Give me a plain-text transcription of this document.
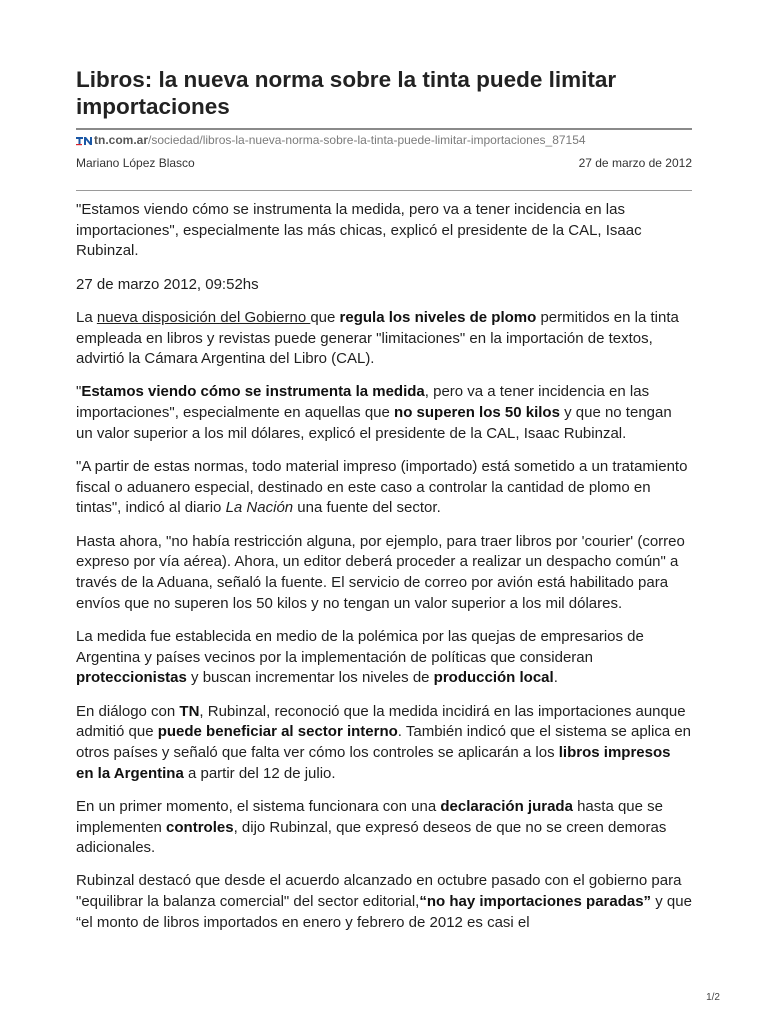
Libros: la nueva norma sobre la tinta puede limitar importaciones
tn.com.ar/sociedad/libros-la-nueva-norma-sobre-la-tinta-puede-limitar-importaciones_87154
Mariano López Blasco	27 de marzo de 2012

"Estamos viendo cómo se instrumenta la medida, pero va a tener incidencia en las importaciones", especialmente las más chicas, explicó el presidente de la CAL, Isaac Rubinzal.

27 de marzo 2012, 09:52hs

La nueva disposición del Gobierno que regula los niveles de plomo permitidos en la tinta empleada en libros y revistas puede generar "limitaciones" en la importación de textos, advirtió la Cámara Argentina del Libro (CAL).

"Estamos viendo cómo se instrumenta la medida, pero va a tener incidencia en las importaciones", especialmente en aquellas que no superen los 50 kilos y que no tengan un valor superior a los mil dólares, explicó el presidente de la CAL, Isaac Rubinzal.

"A partir de estas normas, todo material impreso (importado) está sometido a un tratamiento fiscal o aduanero especial, destinado en este caso a controlar la cantidad de plomo en tintas", indicó al diario La Nación una fuente del sector.

Hasta ahora, "no había restricción alguna, por ejemplo, para traer libros por 'courier' (correo expreso por vía aérea). Ahora, un editor deberá proceder a realizar un despacho común" a través de la Aduana, señaló la fuente. El servicio de correo por avión está habilitado para envíos que no superen los 50 kilos y no tengan un valor superior a los mil dólares.

La medida fue establecida en medio de la polémica por las quejas de empresarios de Argentina y países vecinos por la implementación de políticas que consideran proteccionistas y buscan incrementar los niveles de producción local.

En diálogo con TN, Rubinzal, reconoció que la medida incidirá en las importaciones aunque admitió que puede beneficiar al sector interno. También indicó que el sistema se aplica en otros países y señaló que falta ver cómo los controles se aplicarán a los libros impresos en la Argentina a partir del 12 de julio.

En un primer momento, el sistema funcionara con una declaración jurada hasta que se implementen controles, dijo Rubinzal, que expresó deseos de que no se creen demoras adicionales.

Rubinzal destacó que desde el acuerdo alcanzado en octubre pasado con el gobierno para "equilibrar la balanza comercial" del sector editorial,“no hay importaciones paradas” y que “el monto de libros importados en enero y febrero de 2012 es casi el

1/2
